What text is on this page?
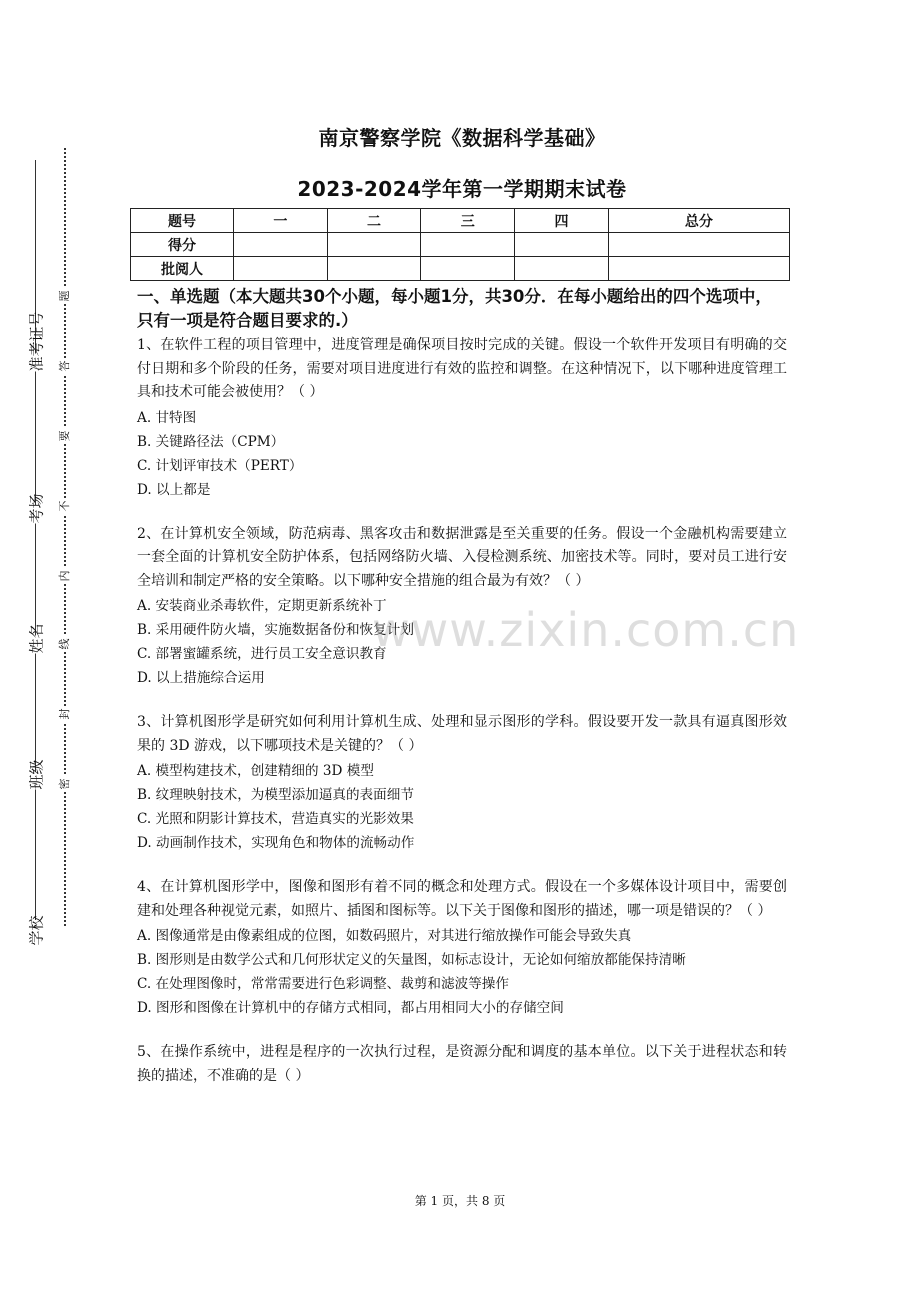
准考证号
考场
姓名
班级
学校
题
答
要
不
内
线
封
密
南京警察学院《数据科学基础》
2023-2024学年第一学期期末试卷
题号	一	二	三	四	总分
得分					
批阅人					
一、单选题（本大题共30个小题，每小题1分，共30分．在每小题给出的四个选项中，只有一项是符合题目要求的.）
1、在软件工程的项目管理中，进度管理是确保项目按时完成的关键。假设一个软件开发项目有明确的交付日期和多个阶段的任务，需要对项目进度进行有效的监控和调整。在这种情况下，以下哪种进度管理工具和技术可能会被使用？（ ）
A. 甘特图
B. 关键路径法（CPM）
C. 计划评审技术（PERT）
D. 以上都是
2、在计算机安全领域，防范病毒、黑客攻击和数据泄露是至关重要的任务。假设一个金融机构需要建立一套全面的计算机安全防护体系，包括网络防火墙、入侵检测系统、加密技术等。同时，要对员工进行安全培训和制定严格的安全策略。以下哪种安全措施的组合最为有效？（ ）
A. 安装商业杀毒软件，定期更新系统补丁
B. 采用硬件防火墙，实施数据备份和恢复计划
C. 部署蜜罐系统，进行员工安全意识教育
D. 以上措施综合运用
3、计算机图形学是研究如何利用计算机生成、处理和显示图形的学科。假设要开发一款具有逼真图形效果的 3D 游戏，以下哪项技术是关键的？（ ）
A. 模型构建技术，创建精细的 3D 模型
B. 纹理映射技术，为模型添加逼真的表面细节
C. 光照和阴影计算技术，营造真实的光影效果
D. 动画制作技术，实现角色和物体的流畅动作
4、在计算机图形学中，图像和图形有着不同的概念和处理方式。假设在一个多媒体设计项目中，需要创建和处理各种视觉元素，如照片、插图和图标等。以下关于图像和图形的描述，哪一项是错误的？（ ）
A. 图像通常是由像素组成的位图，如数码照片，对其进行缩放操作可能会导致失真
B. 图形则是由数学公式和几何形状定义的矢量图，如标志设计，无论如何缩放都能保持清晰
C. 在处理图像时，常常需要进行色彩调整、裁剪和滤波等操作
D. 图形和图像在计算机中的存储方式相同，都占用相同大小的存储空间
5、在操作系统中，进程是程序的一次执行过程，是资源分配和调度的基本单位。以下关于进程状态和转换的描述，不准确的是（ ）
www.zixin.com.cn
第 1 页，共 8 页
